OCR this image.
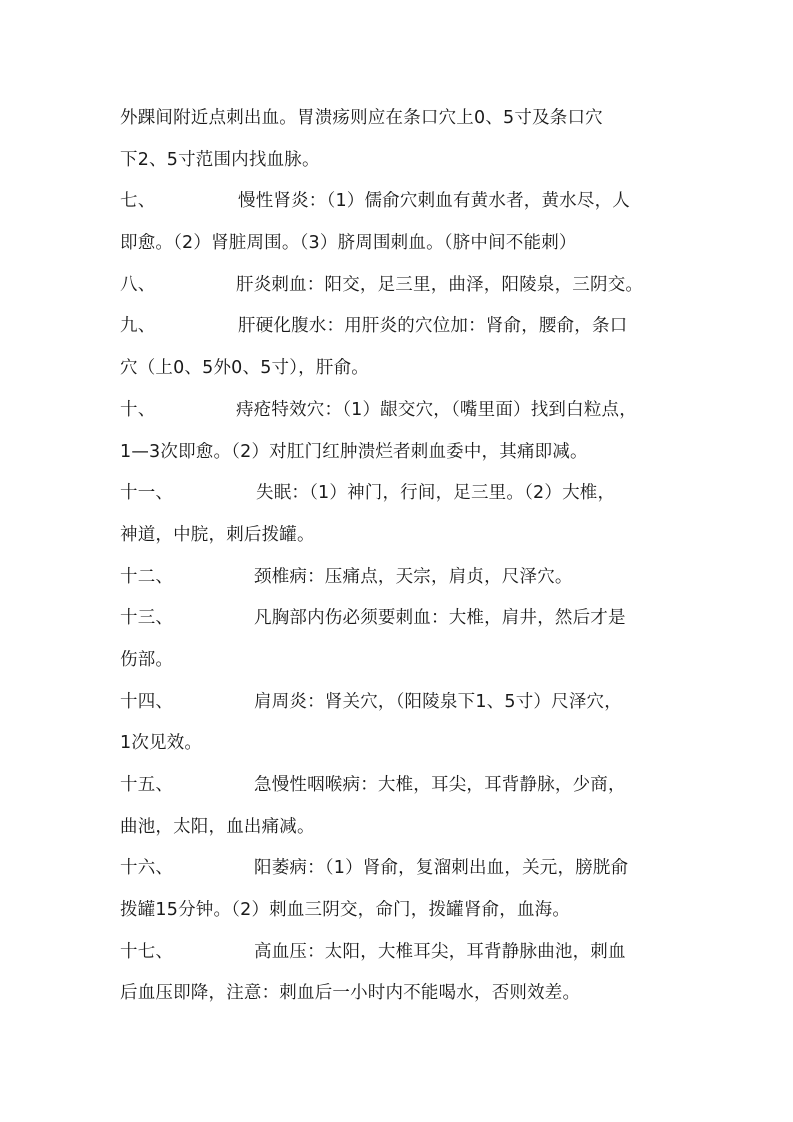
外踝间附近点刺出血。胃溃疡则应在条口穴上0、5寸及条口穴
下2、5寸范围内找血脉。
七、	慢性肾炎：（1）儒俞穴刺血有黄水者，黄水尽，人
即愈。（2）肾脏周围。（3）脐周围刺血。（脐中间不能刺）
八、	肝炎刺血：阳交，足三里，曲泽，阳陵泉，三阴交。
九、	肝硬化腹水：用肝炎的穴位加：肾俞，腰俞，条口
穴（上0、5外0、5寸），肝俞。
十、	痔疮特效穴：（1）龈交穴，（嘴里面）找到白粒点，
1—3次即愈。（2）对肛门红肿溃烂者刺血委中，其痛即减。
十一、	失眠：（1）神门，行间，足三里。（2）大椎，
神道，中脘，刺后拨罐。
十二、	颈椎病：压痛点，天宗，肩贞，尺泽穴。
十三、	凡胸部内伤必须要刺血：大椎，肩井，然后才是
伤部。
十四、	肩周炎：肾关穴，（阳陵泉下1、5寸）尺泽穴，
1次见效。
十五、	急慢性咽喉病：大椎，耳尖，耳背静脉，少商，
曲池，太阳，血出痛减。
十六、	阳萎病：（1）肾俞，复溜刺出血，关元，膀胱俞
拨罐15分钟。（2）刺血三阴交，命门，拨罐肾俞，血海。
十七、	高血压：太阳，大椎耳尖，耳背静脉曲池，刺血
后血压即降，注意：刺血后一小时内不能喝水，否则效差。
